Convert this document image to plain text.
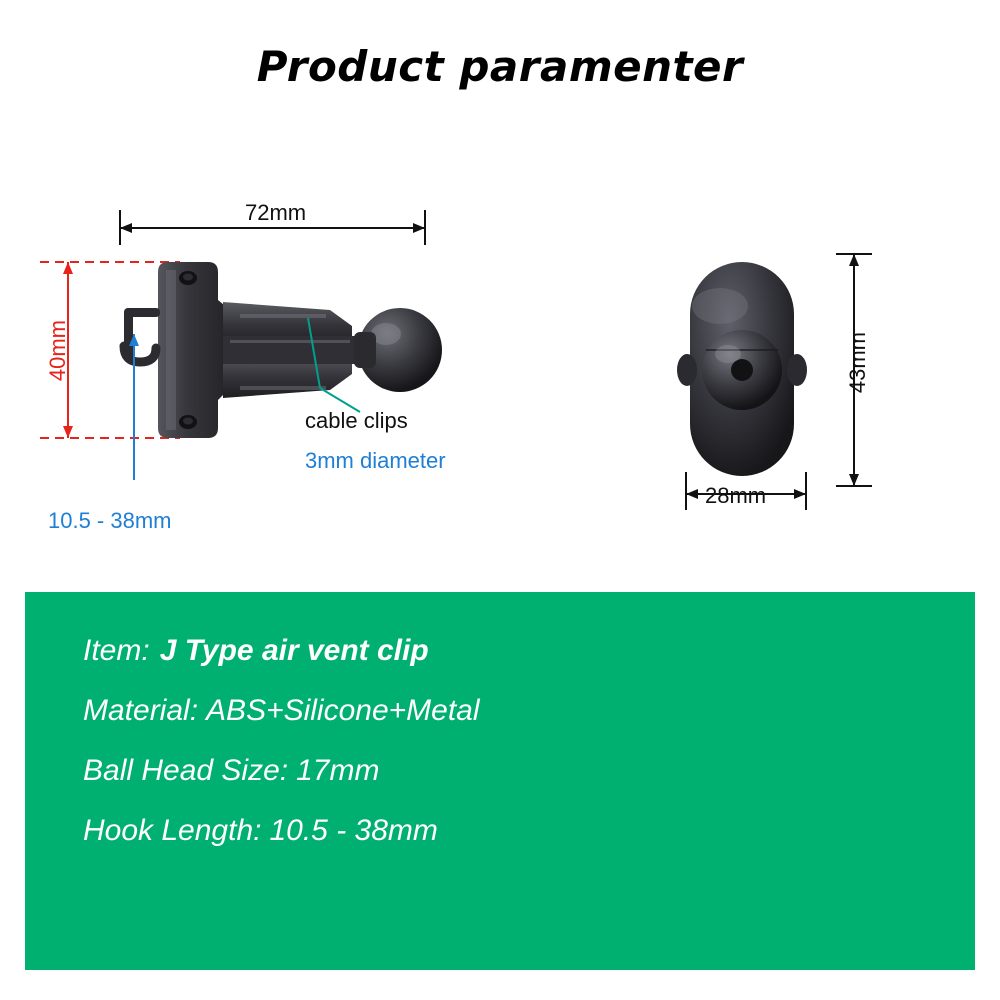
Product paramenter
72mm
40mm
cable clips
3mm diameter
10.5 - 38mm
43mm
28mm
Item: J Type air vent clip
Material: ABS+Silicone+Metal
Ball Head Size: 17mm
Hook Length: 10.5 - 38mm
